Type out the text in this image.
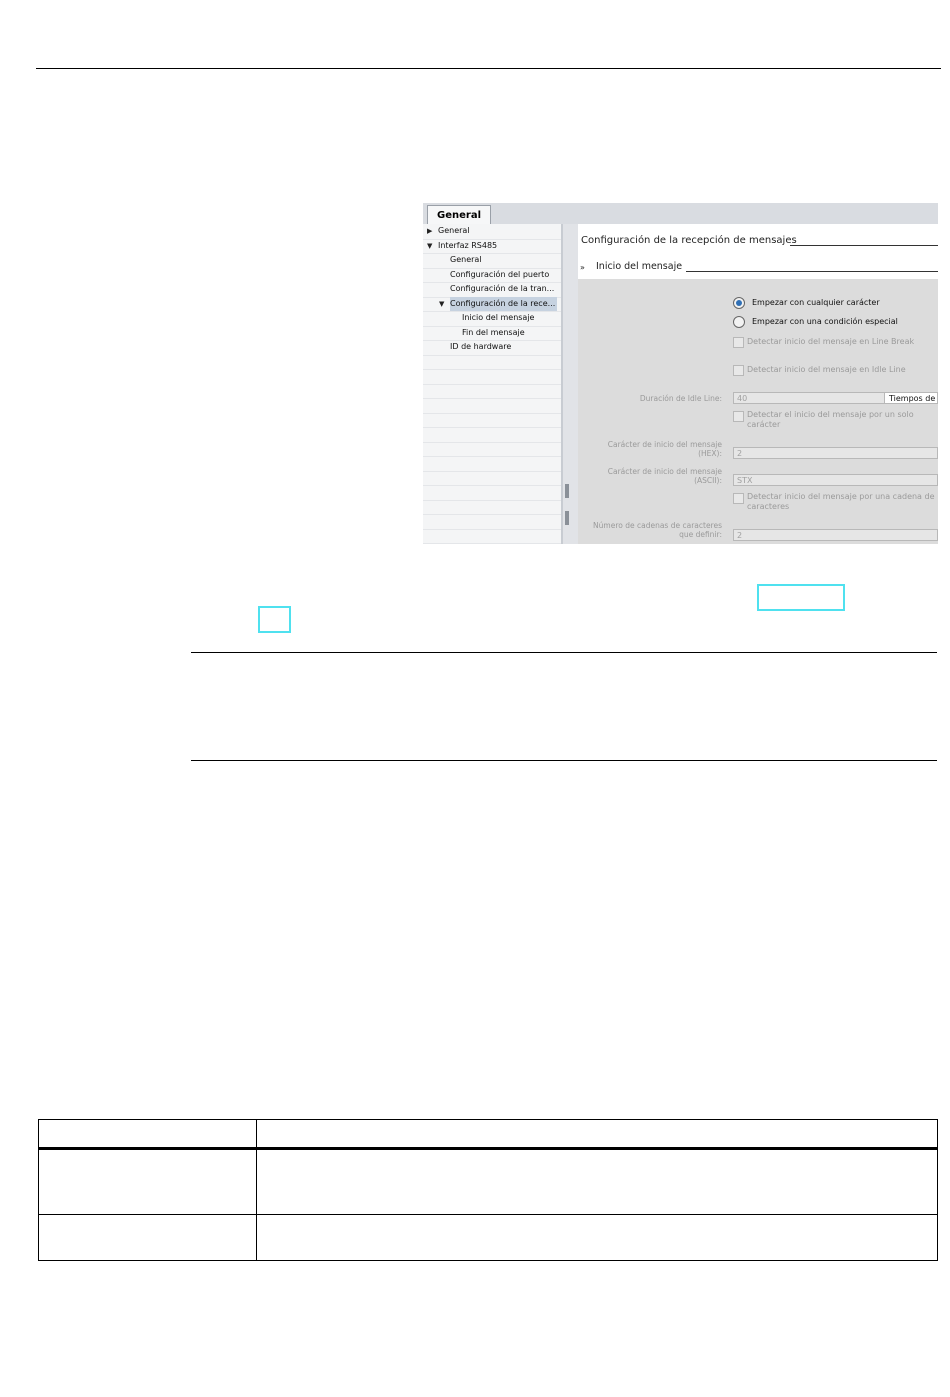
General
▶ General
▼ Interfaz RS485
General
Configuración del puerto
Configuración de la tran...
▼ Configuración de la rece...
Inicio del mensaje
Fin del mensaje
ID de hardware
Configuración de la recepción de mensajes
» Inicio del mensaje
Empezar con cualquier carácter
Empezar con una condición especial
Detectar inicio del mensaje en Line Break
Detectar inicio del mensaje en Idle Line
Duración de Idle Line:	40	Tiempos de
Detectar el inicio del mensaje por un solo carácter
Carácter de inicio del mensaje (HEX):	2
Carácter de inicio del mensaje (ASCII):	STX
Detectar inicio del mensaje por una cadena de caracteres
Número de cadenas de caracteres que definir:	2
